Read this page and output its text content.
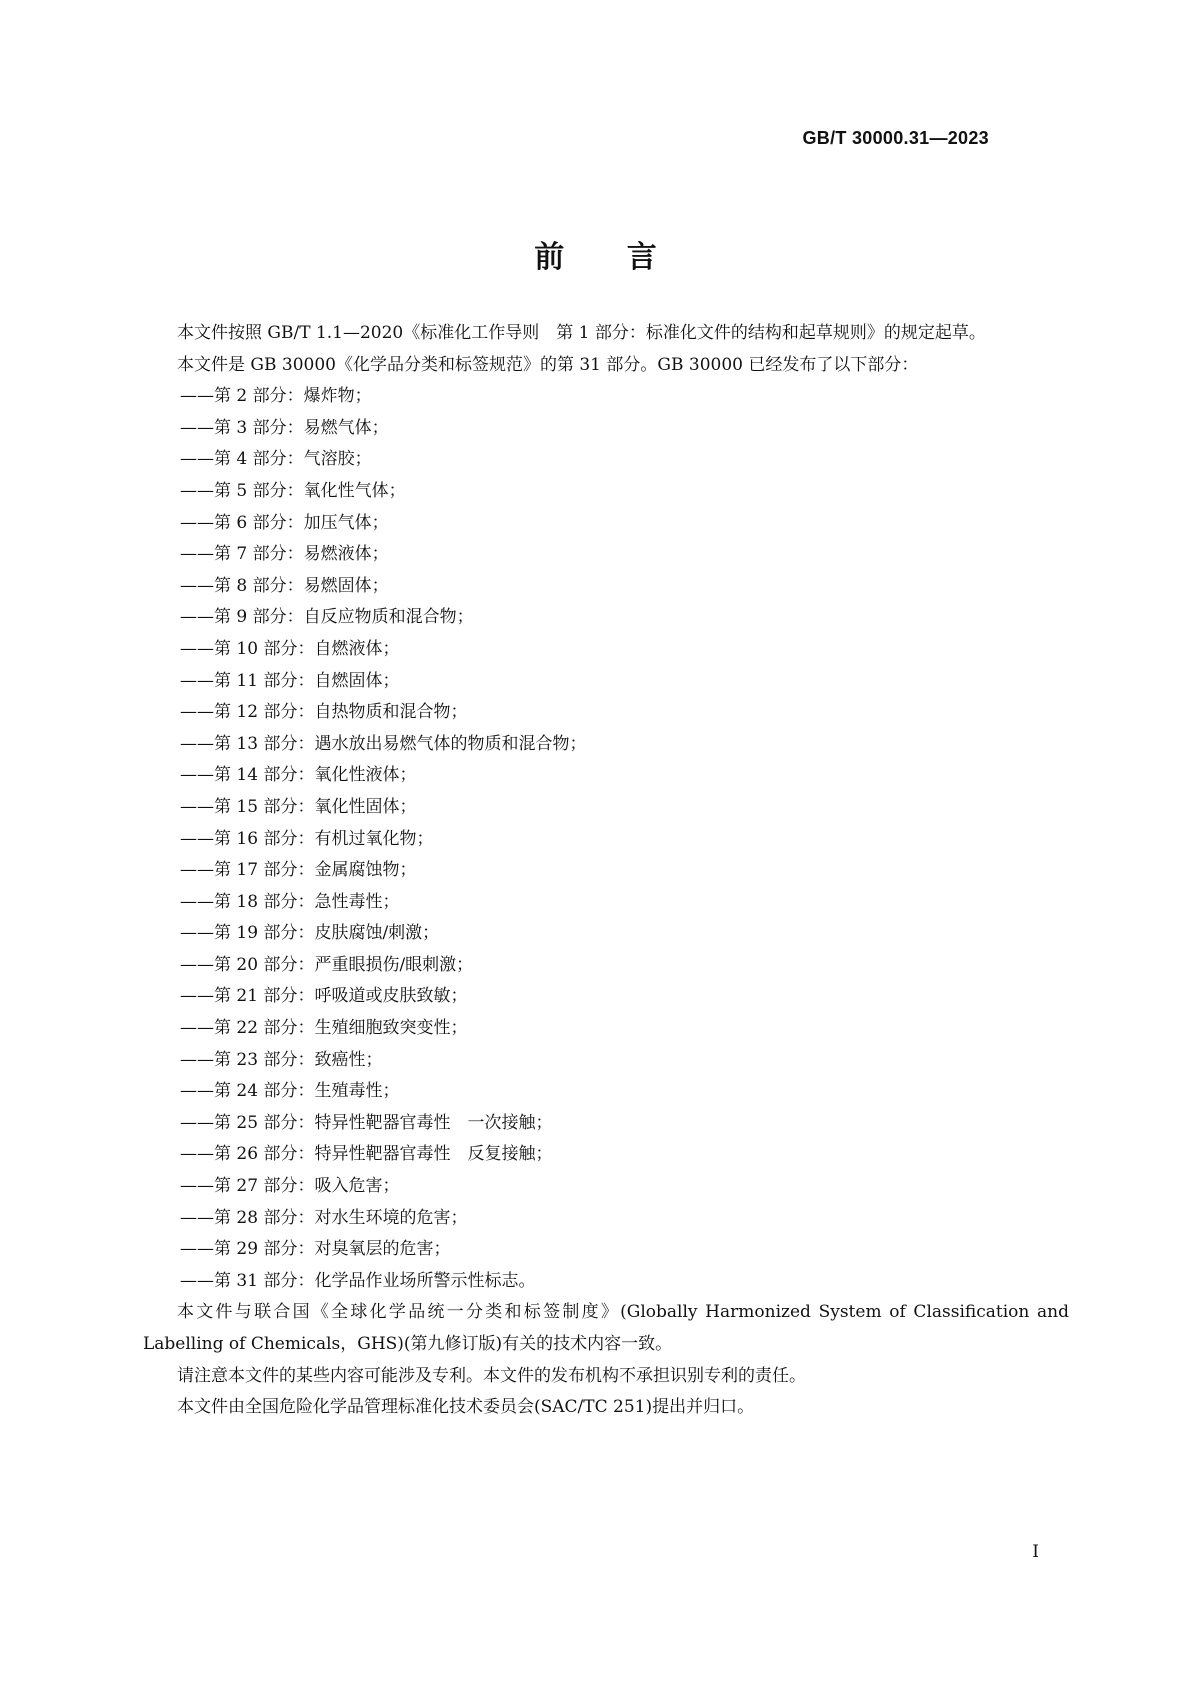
GB/T 30000.31—2023
前 言

本文件按照 GB/T 1.1—2020《标准化工作导则　第 1 部分：标准化文件的结构和起草规则》的规定起草。

本文件是 GB 30000《化学品分类和标签规范》的第 31 部分。GB 30000 已经发布了以下部分：

——第 2 部分：爆炸物；
——第 3 部分：易燃气体；
——第 4 部分：气溶胶；
——第 5 部分：氧化性气体；
——第 6 部分：加压气体；
——第 7 部分：易燃液体；
——第 8 部分：易燃固体；
——第 9 部分：自反应物质和混合物；
——第 10 部分：自燃液体；
——第 11 部分：自燃固体；
——第 12 部分：自热物质和混合物；
——第 13 部分：遇水放出易燃气体的物质和混合物；
——第 14 部分：氧化性液体；
——第 15 部分：氧化性固体；
——第 16 部分：有机过氧化物；
——第 17 部分：金属腐蚀物；
——第 18 部分：急性毒性；
——第 19 部分：皮肤腐蚀/刺激；
——第 20 部分：严重眼损伤/眼刺激；
——第 21 部分：呼吸道或皮肤致敏；
——第 22 部分：生殖细胞致突变性；
——第 23 部分：致癌性；
——第 24 部分：生殖毒性；
——第 25 部分：特异性靶器官毒性　一次接触；
——第 26 部分：特异性靶器官毒性　反复接触；
——第 27 部分：吸入危害；
——第 28 部分：对水生环境的危害；
——第 29 部分：对臭氧层的危害；
——第 31 部分：化学品作业场所警示性标志。

本文件与联合国《全球化学品统一分类和标签制度》(Globally Harmonized System of Classification and Labelling of Chemicals，GHS)(第九修订版)有关的技术内容一致。

请注意本文件的某些内容可能涉及专利。本文件的发布机构不承担识别专利的责任。

本文件由全国危险化学品管理标准化技术委员会(SAC/TC 251)提出并归口。

I
